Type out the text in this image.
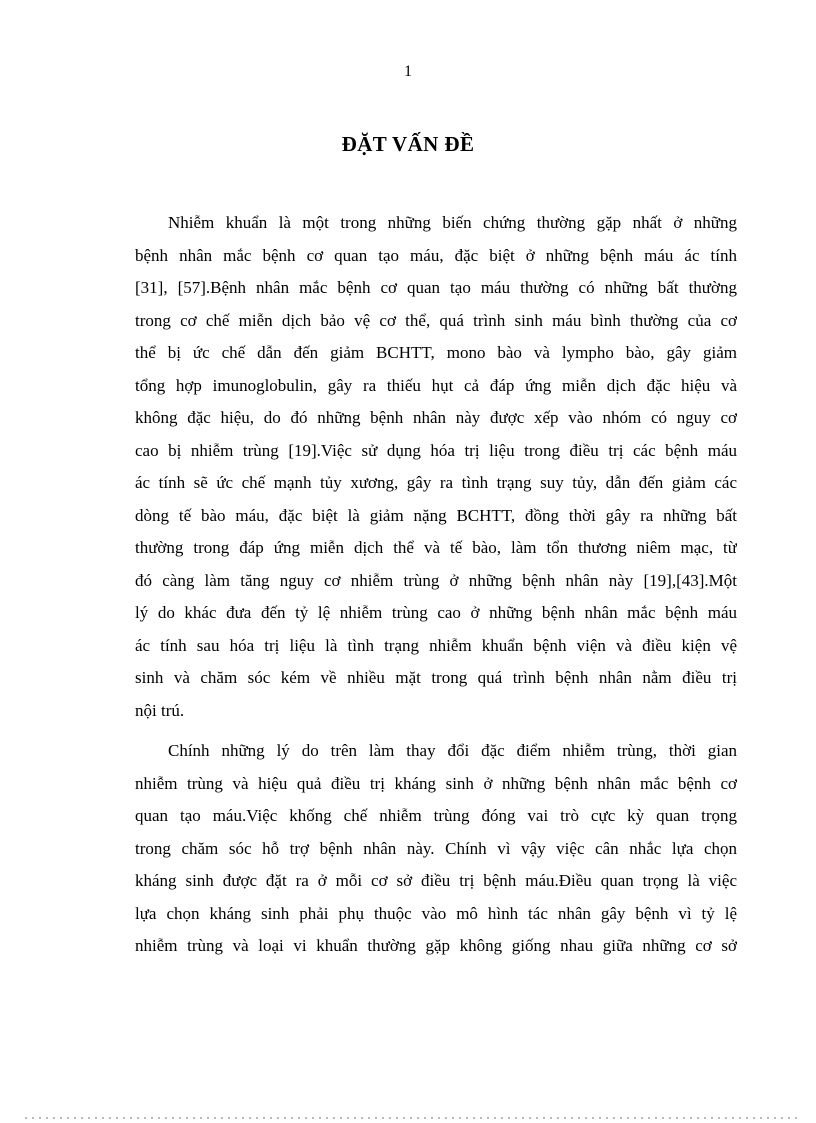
1
ĐẶT VẤN ĐỀ
Nhiễm khuẩn là một trong những biến chứng thường gặp nhất ở những
bệnh nhân mắc bệnh cơ quan tạo máu, đặc biệt ở những bệnh máu ác tính
[31], [57].Bệnh nhân mắc bệnh cơ quan tạo máu thường có những bất thường
trong cơ chế miễn dịch bảo vệ cơ thể, quá trình sinh máu bình thường của cơ
thể bị ức chế dẫn đến giảm BCHTT, mono bào và lympho bào, gây giảm
tổng hợp imunoglobulin, gây ra thiếu hụt cả đáp ứng miễn dịch đặc hiệu và
không đặc hiệu, do đó những bệnh nhân này được xếp vào nhóm có nguy cơ
cao bị nhiễm trùng [19].Việc sử dụng hóa trị liệu trong điều trị các bệnh máu
ác tính sẽ ức chế mạnh tủy xương, gây ra tình trạng suy tủy, dẫn đến giảm các
dòng tế bào máu, đặc biệt là giảm nặng BCHTT, đồng thời gây ra những bất
thường trong đáp ứng miễn dịch thể và tế bào, làm tổn thương niêm mạc, từ
đó càng làm tăng nguy cơ nhiễm trùng ở những bệnh nhân này [19],[43].Một
lý do khác đưa đến tỷ lệ nhiễm trùng cao ở những bệnh nhân mắc bệnh máu
ác tính sau hóa trị liệu là tình trạng nhiễm khuẩn bệnh viện và điều kiện vệ
sinh và chăm sóc kém về nhiều mặt trong quá trình bệnh nhân nằm điều trị
nội trú.
Chính những lý do trên làm thay đổi đặc điểm nhiễm trùng, thời gian
nhiễm trùng và hiệu quả điều trị kháng sinh ở những bệnh nhân mắc bệnh cơ
quan tạo máu.Việc khống chế nhiễm trùng đóng vai trò cực kỳ quan trọng
trong chăm sóc hỗ trợ bệnh nhân này. Chính vì vậy việc cân nhắc lựa chọn
kháng sinh được đặt ra ở mỗi cơ sở điều trị bệnh máu.Điều quan trọng là việc
lựa chọn kháng sinh phải phụ thuộc vào mô hình tác nhân gây bệnh vì tỷ lệ
nhiễm trùng và loại vi khuẩn thường gặp không giống nhau giữa những cơ sở
